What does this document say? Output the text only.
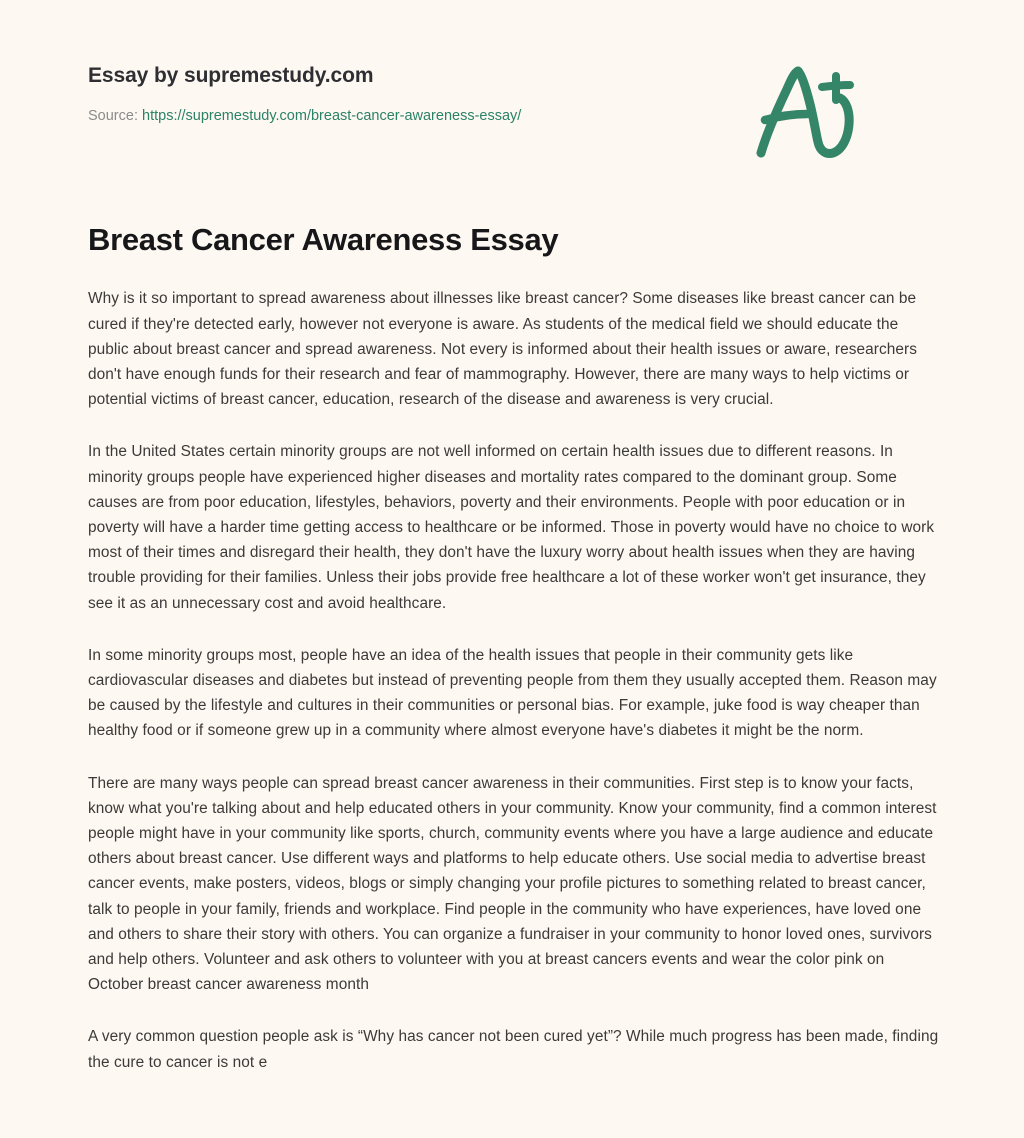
Essay by supremestudy.com
Source: https://supremestudy.com/breast-cancer-awareness-essay/
Breast Cancer Awareness Essay

Why is it so important to spread awareness about illnesses like breast cancer? Some diseases like breast cancer can be cured if they're detected early, however not everyone is aware. As students of the medical field we should educate the public about breast cancer and spread awareness. Not every is informed about their health issues or aware, researchers don't have enough funds for their research and fear of mammography. However, there are many ways to help victims or potential victims of breast cancer, education, research of the disease and awareness is very crucial.

In the United States certain minority groups are not well informed on certain health issues due to different reasons. In minority groups people have experienced higher diseases and mortality rates compared to the dominant group. Some causes are from poor education, lifestyles, behaviors, poverty and their environments. People with poor education or in poverty will have a harder time getting access to healthcare or be informed. Those in poverty would have no choice to work most of their times and disregard their health, they don't have the luxury worry about health issues when they are having trouble providing for their families. Unless their jobs provide free healthcare a lot of these worker won't get insurance, they see it as an unnecessary cost and avoid healthcare.

In some minority groups most, people have an idea of the health issues that people in their community gets like cardiovascular diseases and diabetes but instead of preventing people from them they usually accepted them. Reason may be caused by the lifestyle and cultures in their communities or personal bias. For example, juke food is way cheaper than healthy food or if someone grew up in a community where almost everyone have's diabetes it might be the norm.

There are many ways people can spread breast cancer awareness in their communities. First step is to know your facts, know what you're talking about and help educated others in your community. Know your community, find a common interest people might have in your community like sports, church, community events where you have a large audience and educate others about breast cancer. Use different ways and platforms to help educate others. Use social media to advertise breast cancer events, make posters, videos, blogs or simply changing your profile pictures to something related to breast cancer, talk to people in your family, friends and workplace. Find people in the community who have experiences, have loved one and others to share their story with others. You can organize a fundraiser in your community to honor loved ones, survivors and help others. Volunteer and ask others to volunteer with you at breast cancers events and wear the color pink on October breast cancer awareness month

A very common question people ask is “Why has cancer not been cured yet”? While much progress has been made, finding the cure to cancer is not e
